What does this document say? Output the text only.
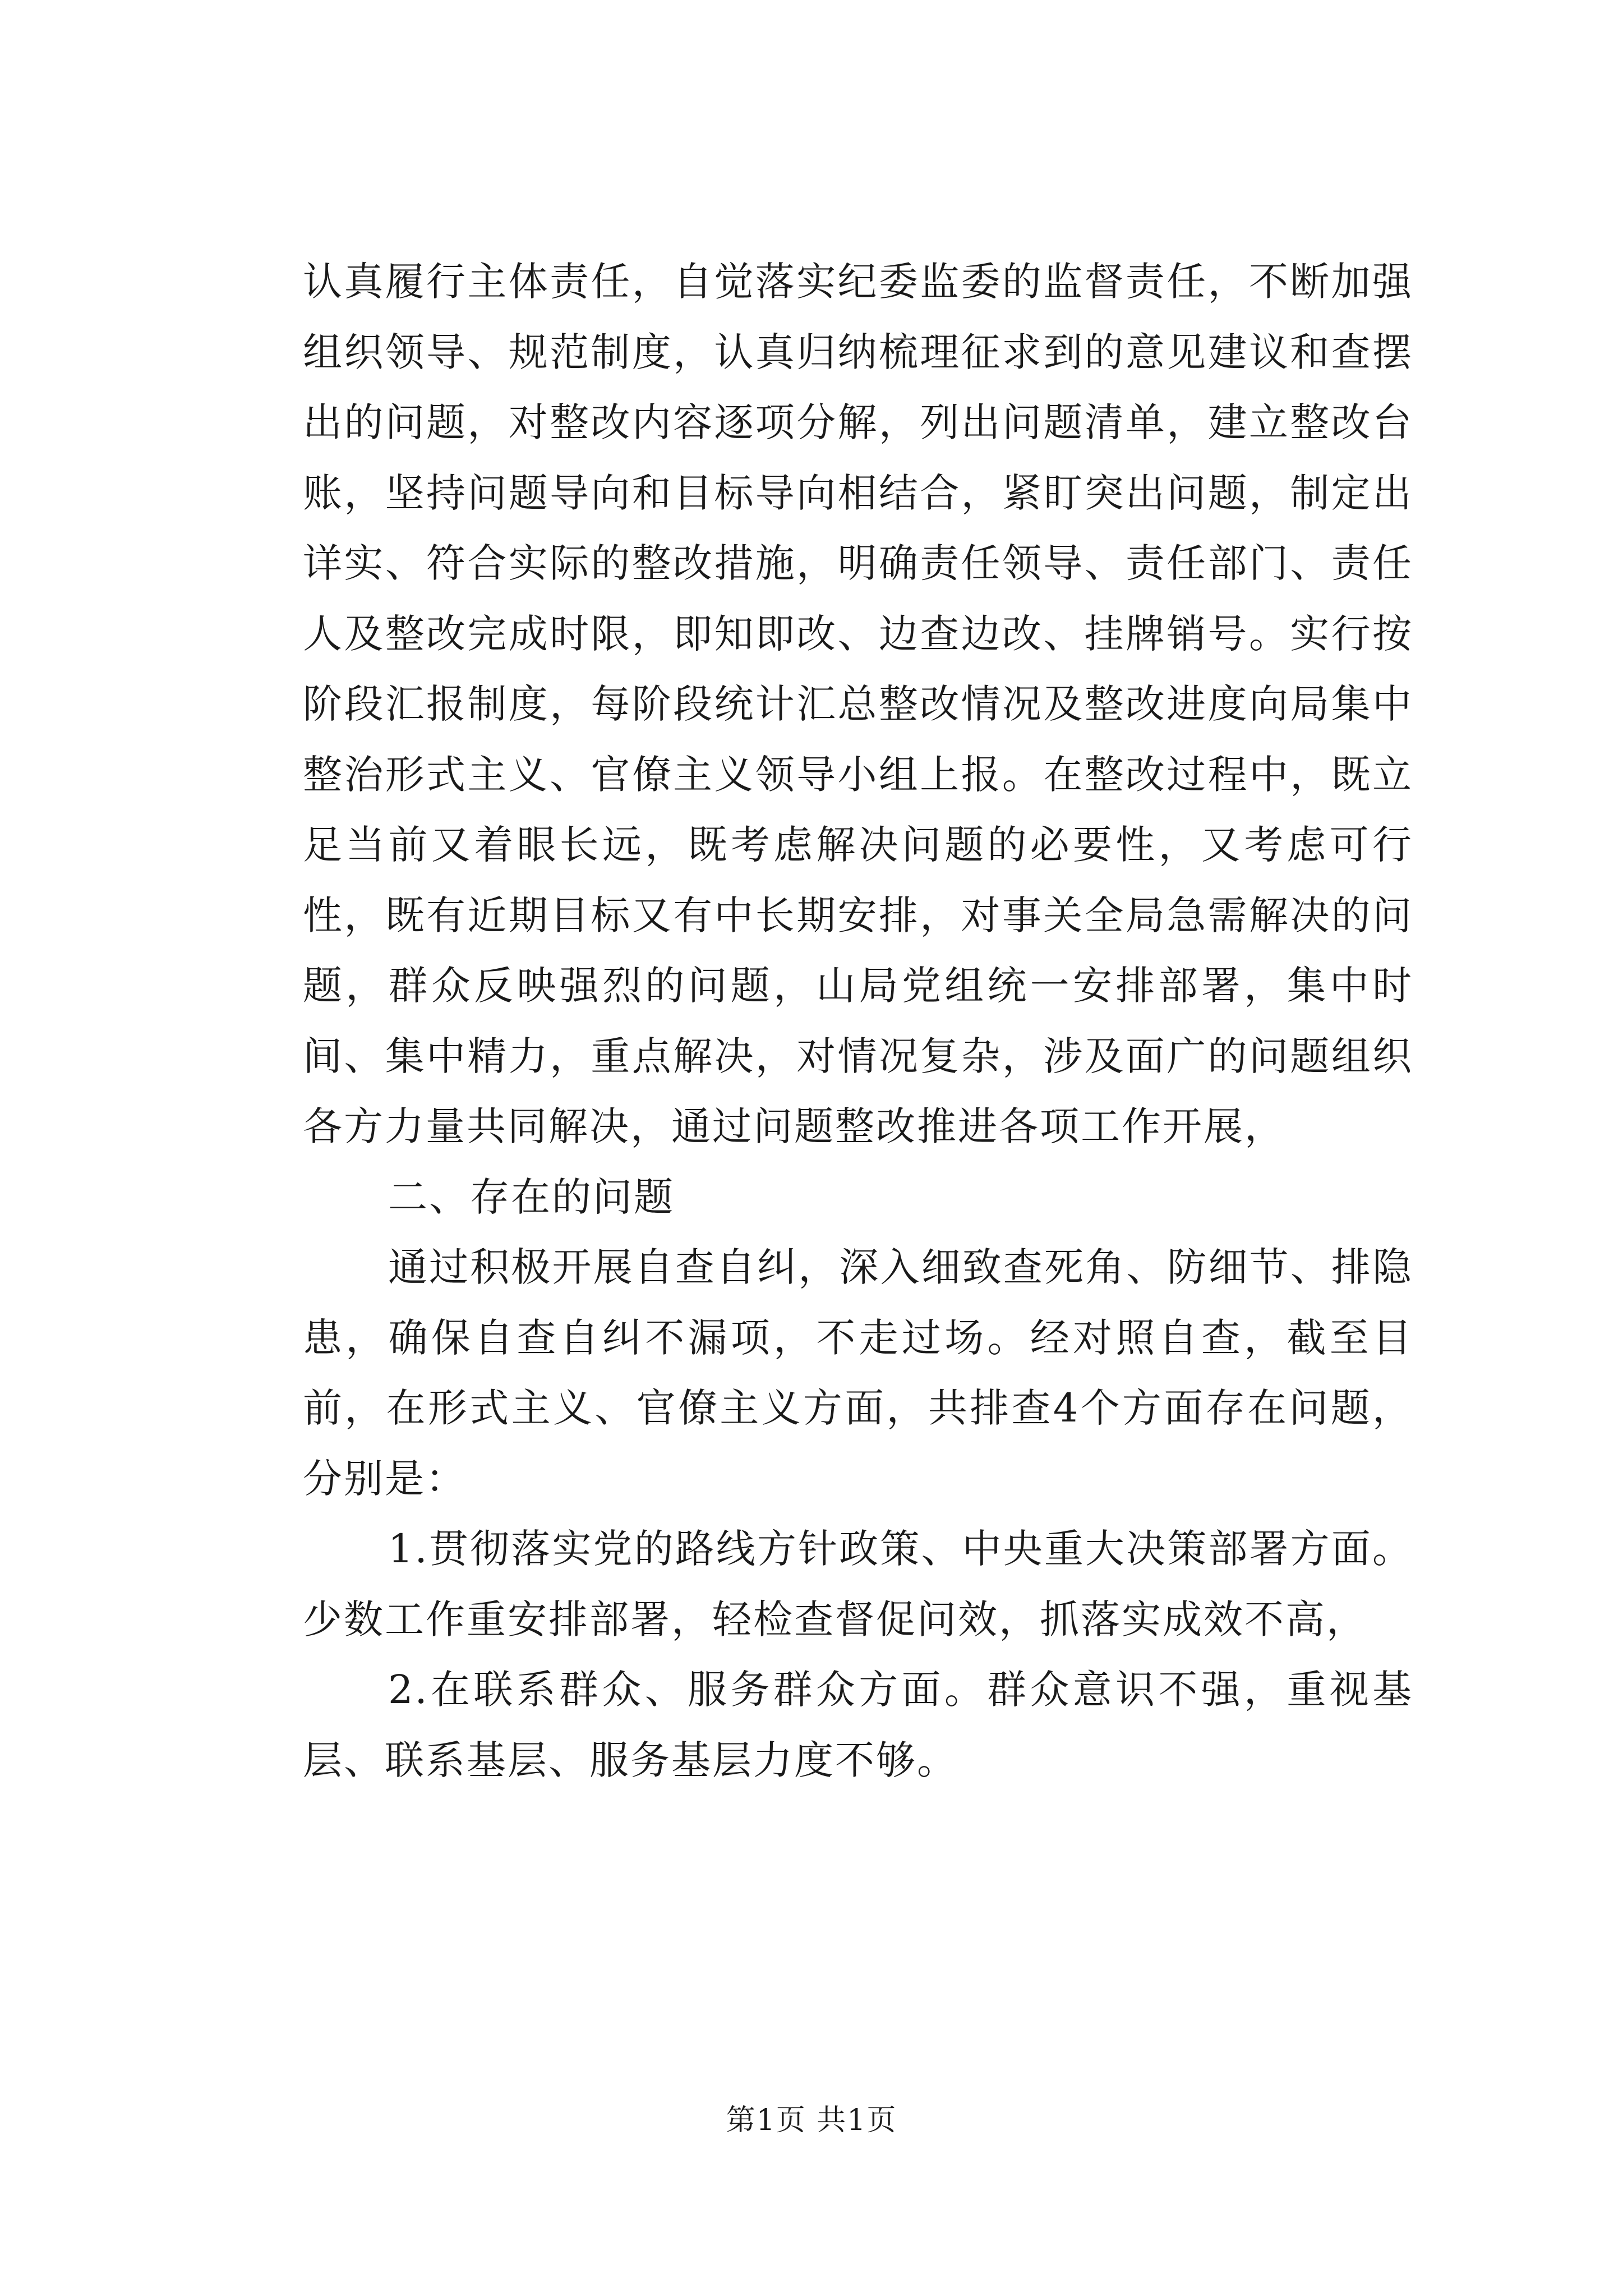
认真履行主体责任，自觉落实纪委监委的监督责任，不断加强组织领导、规范制度，认真归纳梳理征求到的意见建议和查摆出的问题，对整改内容逐项分解，列出问题清单，建立整改台账，坚持问题导向和目标导向相结合，紧盯突出问题，制定出详实、符合实际的整改措施，明确责任领导、责任部门、责任人及整改完成时限，即知即改、边查边改、挂牌销号。实行按阶段汇报制度，每阶段统计汇总整改情况及整改进度向局集中整治形式主义、官僚主义领导小组上报。在整改过程中，既立足当前又着眼长远，既考虑解决问题的必要性，又考虑可行性，既有近期目标又有中长期安排，对事关全局急需解决的问题，群众反映强烈的问题，山局党组统一安排部署，集中时间、集中精力，重点解决，对情况复杂，涉及面广的问题组织各方力量共同解决，通过问题整改推进各项工作开展，

二、存在的问题

通过积极开展自查自纠，深入细致查死角、防细节、排隐患，确保自查自纠不漏项，不走过场。经对照自查，截至目前，在形式主义、官僚主义方面，共排查4个方面存在问题，分别是：

1.贯彻落实党的路线方针政策、中央重大决策部署方面。少数工作重安排部署，轻检查督促问效，抓落实成效不高，

2.在联系群众、服务群众方面。群众意识不强，重视基层、联系基层、服务基层力度不够。

第1页 共1页
